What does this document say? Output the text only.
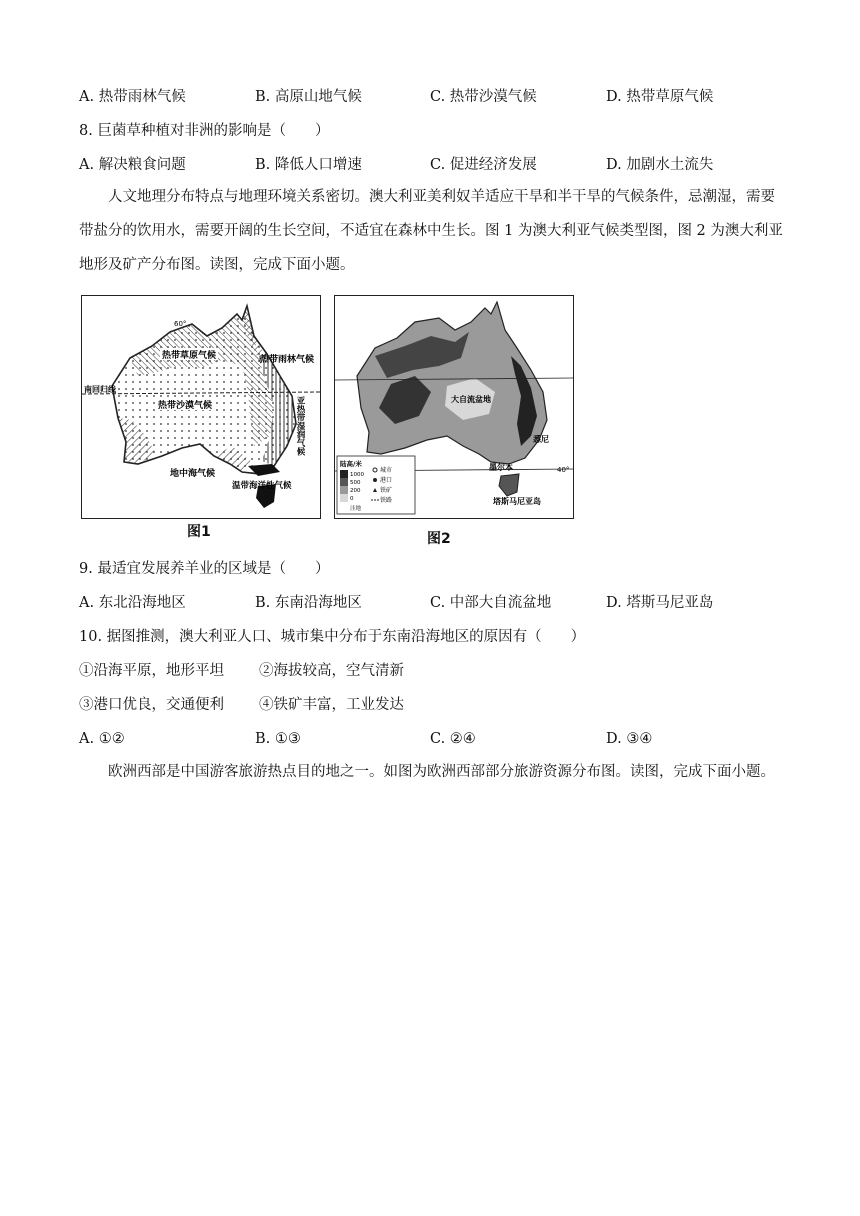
A. 热带雨林气候	B. 高原山地气候	C. 热带沙漠气候	D. 热带草原气候
8. 巨菌草种植对非洲的影响是（　　）
A. 解决粮食问题	B. 降低人口增速	C. 促进经济发展	D. 加剧水土流失
人文地理分布特点与地理环境关系密切。澳大利亚美利奴羊适应干旱和半干旱的气候条件，忌潮湿，需要带盐分的饮用水，需要开阔的生长空间，不适宜在森林中生长。图 1 为澳大利亚气候类型图，图 2 为澳大利亚地形及矿产分布图。读图，完成下面小题。
热带草原气候	热带雨林气候
南回归线
热带沙漠气候	亚热带湿润气候
地中海气候
温带海洋性气候
60°
图1
黑德兰
大自流盆地
悉尼
墨尔本
塔斯马尼亚岛
40°
陆高/米
1000
500
200
0
洼地
城市
港口
铁矿
铁路
图2
9. 最适宜发展养羊业的区域是（　　）
A. 东北沿海地区	B. 东南沿海地区	C. 中部大自流盆地	D. 塔斯马尼亚岛
10. 据图推测，澳大利亚人口、城市集中分布于东南沿海地区的原因有（　　）
①沿海平原，地形平坦 ②海拔较高，空气清新
③港口优良，交通便利 ④铁矿丰富，工业发达
A. ①②	B. ①③	C. ②④	D. ③④
欧洲西部是中国游客旅游热点目的地之一。如图为欧洲西部部分旅游资源分布图。读图，完成下面小题。
